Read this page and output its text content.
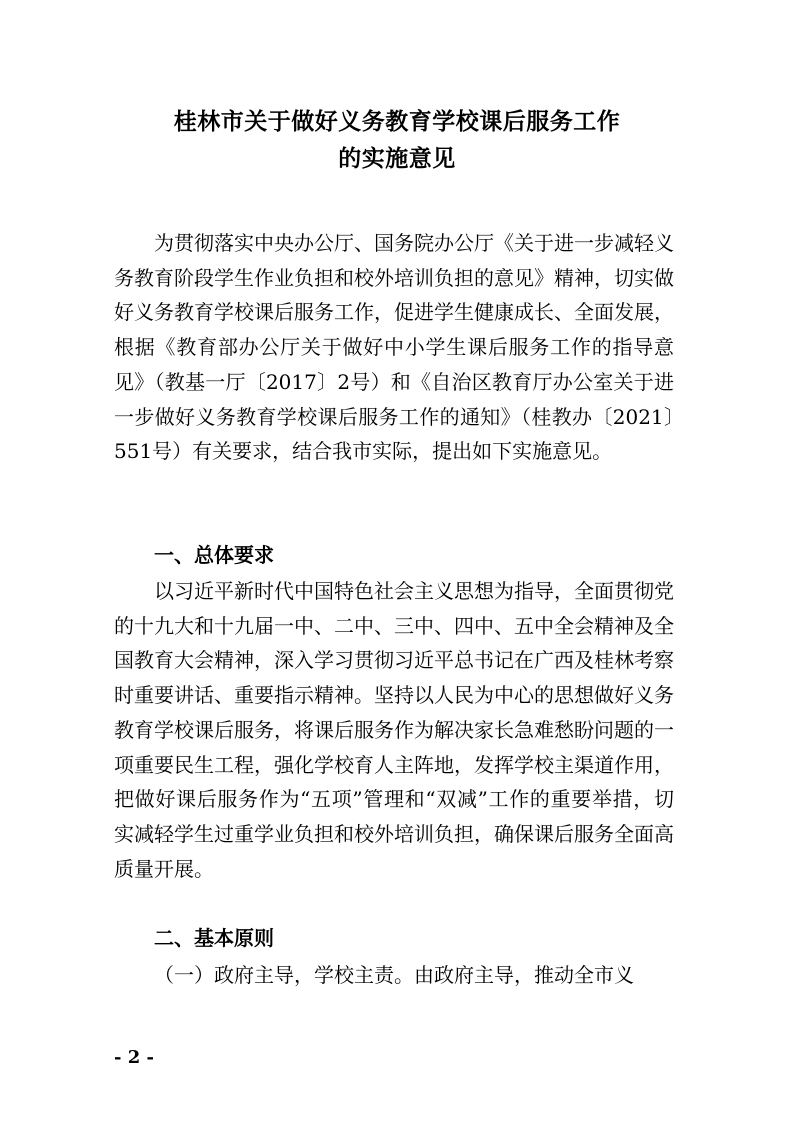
桂林市关于做好义务教育学校课后服务工作
的实施意见

为贯彻落实中央办公厅、国务院办公厅《关于进一步减轻义务教育阶段学生作业负担和校外培训负担的意见》精神，切实做好义务教育学校课后服务工作，促进学生健康成长、全面发展，根据《教育部办公厅关于做好中小学生课后服务工作的指导意见》（教基一厅〔2017〕2号）和《自治区教育厅办公室关于进一步做好义务教育学校课后服务工作的通知》（桂教办〔2021〕551号）有关要求，结合我市实际，提出如下实施意见。

一、总体要求

以习近平新时代中国特色社会主义思想为指导，全面贯彻党的十九大和十九届一中、二中、三中、四中、五中全会精神及全国教育大会精神，深入学习贯彻习近平总书记在广西及桂林考察时重要讲话、重要指示精神。坚持以人民为中心的思想做好义务教育学校课后服务，将课后服务作为解决家长急难愁盼问题的一项重要民生工程，强化学校育人主阵地，发挥学校主渠道作用，把做好课后服务作为“五项”管理和“双减”工作的重要举措，切实减轻学生过重学业负担和校外培训负担，确保课后服务全面高质量开展。

二、基本原则

（一）政府主导，学校主责。由政府主导，推动全市义

- 2 -
